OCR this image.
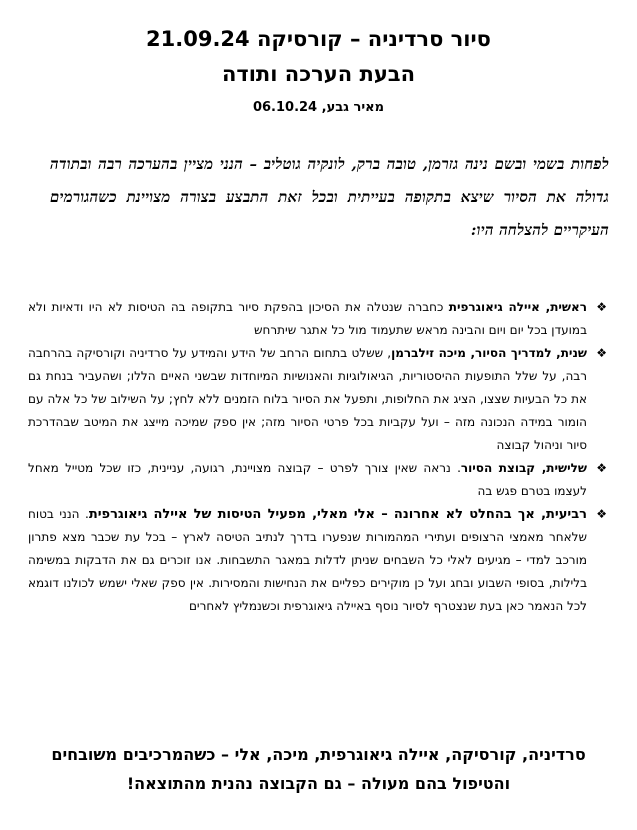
סיור סרדיניה – קורסיקה 21.09.24
הבעת הערכה ותודה
מאיר גבע, 06.10.24
לפחות בשמי ובשם נינה גזרמן, טובה ברק, לונקיה גוטליב – הנני מציין בהערכה רבה ובתודה גדולה את הסיור שיצא בתקופה בעייתית ובכל זאת התבצע בצורה מצויינת כשהגורמים העיקריים להצלחה היו:
❖
ראשית, איילה גיאוגרפית כחברה שנטלה את הסיכון בהפקת סיור בתקופה בה הטיסות לא היו ודאיות ולא במועדן בכל יום ויום והבינה מראש שתעמוד מול כל אתגר שיתרחש
❖
שנית, למדריך הסיור, מיכה זילברמן, ששלט בתחום הרחב של הידע והמידע על סרדיניה וקורסיקה בהרחבה רבה, על שלל התופעות ההיסטוריות, הגיאולוגיות והאנושיות המיוחדות שבשני האיים הללו; ושהעביר בנחת גם את כל הבעיות שצצו, הציג את החלופות, ותפעל את הסיור בלוח הזמנים ללא לחץ; על השילוב של כל אלה עם הומור במידה הנכונה מזה – ועל עקביות בכל פרטי הסיור מזה; אין ספק שמיכה מייצג את המיטב שבהדרכת סיור וניהול קבוצה
❖
שלישית, קבוצת הסיור. נראה שאין צורך לפרט – קבוצה מצויינת, רגועה, עניינית, כזו שכל מטייל מאחל לעצמו בטרם פגש בה
❖
רביעית, אך בהחלט לא אחרונה – אלי מאלי, מפעיל הטיסות של איילה גיאוגרפית. הנני בטוח שלאחר מאמצי הרצופים ועתירי המהמורות שנפערו בדרך לנתיב הטיסה לארץ – בכל עת שכבר מצא פתרון מורכב למדי – מגיעים לאלי כל השבחים שניתן לדלות במאגר התשבחות. אנו זוכרים גם את הדבקות במשימה בלילות, בסופי השבוע ובחג ועל כן מוקירים כפליים את הנחישות והמסירות. אין ספק שאלי ישמש לכולנו דוגמא לכל הנאמר כאן בעת שנצטרף לסיור נוסף באיילה גיאוגרפית וכשנמליץ לאחרים
סרדיניה, קורסיקה, איילה גיאוגרפית, מיכה, אלי – כשהמרכיבים משובחים והטיפול בהם מעולה – גם הקבוצה נהנית מהתוצאה!
